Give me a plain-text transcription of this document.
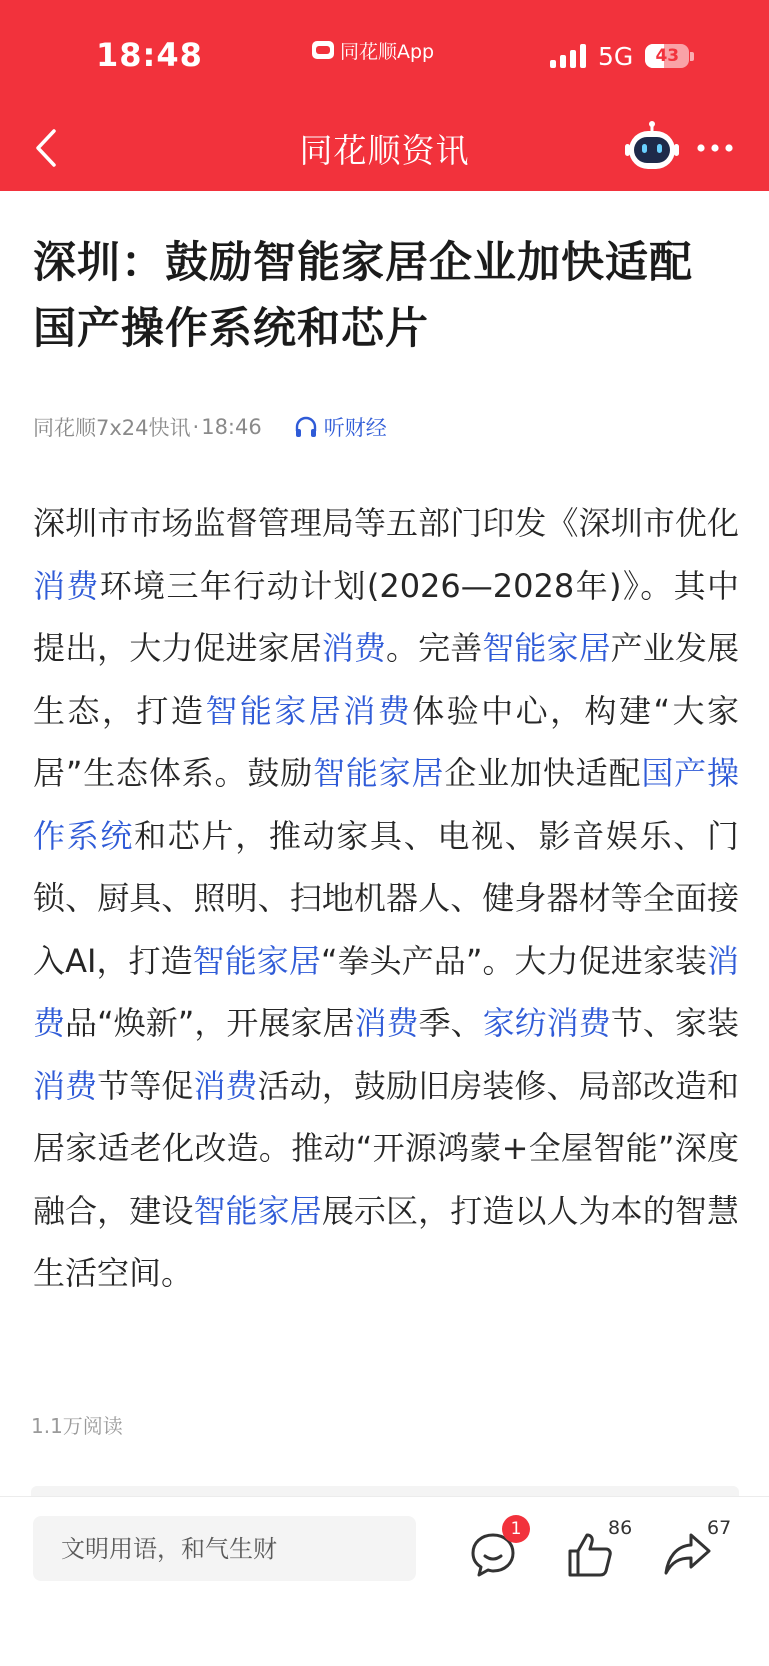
18:48	同花顺App	5G	43
同花顺资讯
深圳：鼓励智能家居企业加快适配
国产操作系统和芯片
同花顺7x24快讯 · 18:46	听财经

深圳市市场监督管理局等五部门印发《深圳市优化消费环境三年行动计划(2026—2028年)》。其中提出，大力促进家居消费。完善智能家居产业发展生态，打造智能家居消费体验中心，构建“大家居”生态体系。鼓励智能家居企业加快适配国产操作系统和芯片，推动家具、电视、影音娱乐、门锁、厨具、照明、扫地机器人、健身器材等全面接入AI，打造智能家居“拳头产品”。大力促进家装消费品“焕新”，开展家居消费季、家纺消费节、家装消费节等促消费活动，鼓励旧房装修、局部改造和居家适老化改造。推动“开源鸿蒙+全屋智能”深度融合，建设智能家居展示区，打造以人为本的智慧生活空间。

1.1万阅读
文明用语，和气生财
1	86	67
